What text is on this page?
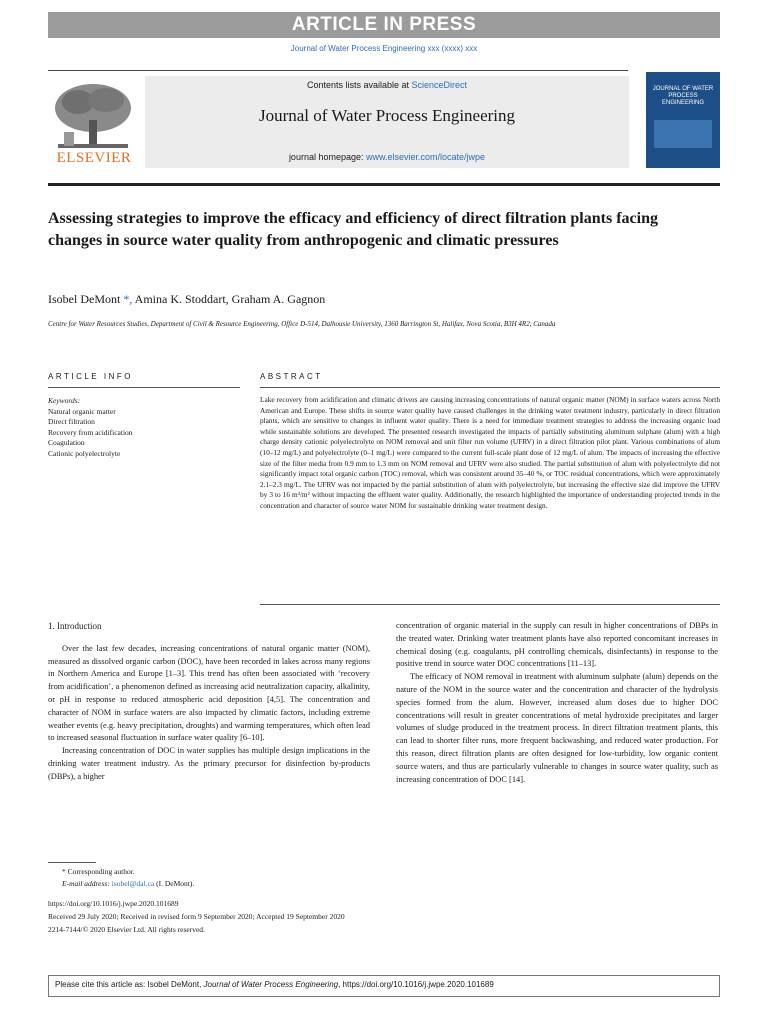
ARTICLE IN PRESS
Journal of Water Process Engineering xxx (xxxx) xxx
ELSEVIER
Contents lists available at ScienceDirect
Journal of Water Process Engineering
journal homepage: www.elsevier.com/locate/jwpe
JOURNAL OF WATER PROCESS ENGINEERING
Assessing strategies to improve the efficacy and efficiency of direct filtration plants facing changes in source water quality from anthropogenic and climatic pressures
Isobel DeMont *, Amina K. Stoddart, Graham A. Gagnon
Centre for Water Resources Studies, Department of Civil & Resource Engineering, Office D-514, Dalhousie University, 1360 Barrington St, Halifax, Nova Scotia, B3H 4R2, Canada
ARTICLE INFO
Keywords:
Natural organic matter
Direct filtration
Recovery from acidification
Coagulation
Cationic polyelectrolyte
ABSTRACT
Lake recovery from acidification and climatic drivers are causing increasing concentrations of natural organic matter (NOM) in surface waters across North American and Europe. These shifts in source water quality have caused challenges in the drinking water treatment industry, particularly in direct filtration plants, which are sensitive to changes in influent water quality. There is a need for immediate treatment strategies to address the increasing organic load while sustainable solutions are developed. The presented research investigated the impacts of partially substituting aluminum sulphate (alum) with a high charge density cationic polyelectrolyte on NOM removal and unit filter run volume (UFRV) in a direct filtration pilot plant. Various combinations of alum (10–12 mg/L) and polyelectrolyte (0–1 mg/L) were compared to the current full-scale plant dose of 12 mg/L of alum. The impacts of increasing the effective size of the filter media from 0.9 mm to 1.3 mm on NOM removal and UFRV were also studied. The partial substitution of alum with polyelectrolyte did not significantly impact total organic carbon (TOC) removal, which was consistent around 35–40 %, or TOC residual concentrations, which were approximately 2.1–2.3 mg/L. The UFRV was not impacted by the partial substitution of alum with polyelectrolyte, but increasing the effective size did improve the UFRV by 3 to 16 m³/m² without impacting the effluent water quality. Additionally, the research highlighted the importance of understanding projected trends in the concentration and character of source water NOM for sustainable drinking water treatment design.

1. Introduction

Over the last few decades, increasing concentrations of natural organic matter (NOM), measured as dissolved organic carbon (DOC), have been recorded in lakes across many regions in Northern America and Europe [1–3]. This trend has often been associated with ‘recovery from acidification’, a phenomenon defined as increasing acid neutralization capacity, alkalinity, or pH in response to reduced atmospheric acid deposition [4,5]. The concentration and character of NOM in surface waters are also impacted by climatic factors, including extreme weather events (e.g. heavy precipitation, droughts) and warming temperatures, which often lead to increased seasonal fluctuation in surface water quality [6–10].

Increasing concentration of DOC in water supplies has multiple design implications in the drinking water treatment industry. As the primary precursor for disinfection by-products (DBPs), a higher

concentration of organic material in the supply can result in higher concentrations of DBPs in the treated water. Drinking water treatment plants have also reported concomitant increases in chemical dosing (e.g. coagulants, pH controlling chemicals, disinfectants) in response to the positive trend in source water DOC concentrations [11–13].

The efficacy of NOM removal in treatment with aluminum sulphate (alum) depends on the nature of the NOM in the source water and the concentration and character of the hydrolysis species formed from the alum. However, increased alum doses due to higher DOC concentrations will result in greater concentrations of metal hydroxide precipitates and larger volumes of sludge produced in the treatment process. In direct filtration treatment plants, this can lead to shorter filter runs, more frequent backwashing, and reduced water production. For this reason, direct filtration plants are often designed for low-turbidity, low organic content source waters, and thus are particularly vulnerable to changes in source water quality, such as increasing concentration of DOC [14].

* Corresponding author.
E-mail address: isobel@dal.ca (I. DeMont).
https://doi.org/10.1016/j.jwpe.2020.101689
Received 29 July 2020; Received in revised form 9 September 2020; Accepted 19 September 2020
2214-7144/© 2020 Elsevier Ltd. All rights reserved.
Please cite this article as: Isobel DeMont, Journal of Water Process Engineering, https://doi.org/10.1016/j.jwpe.2020.101689
